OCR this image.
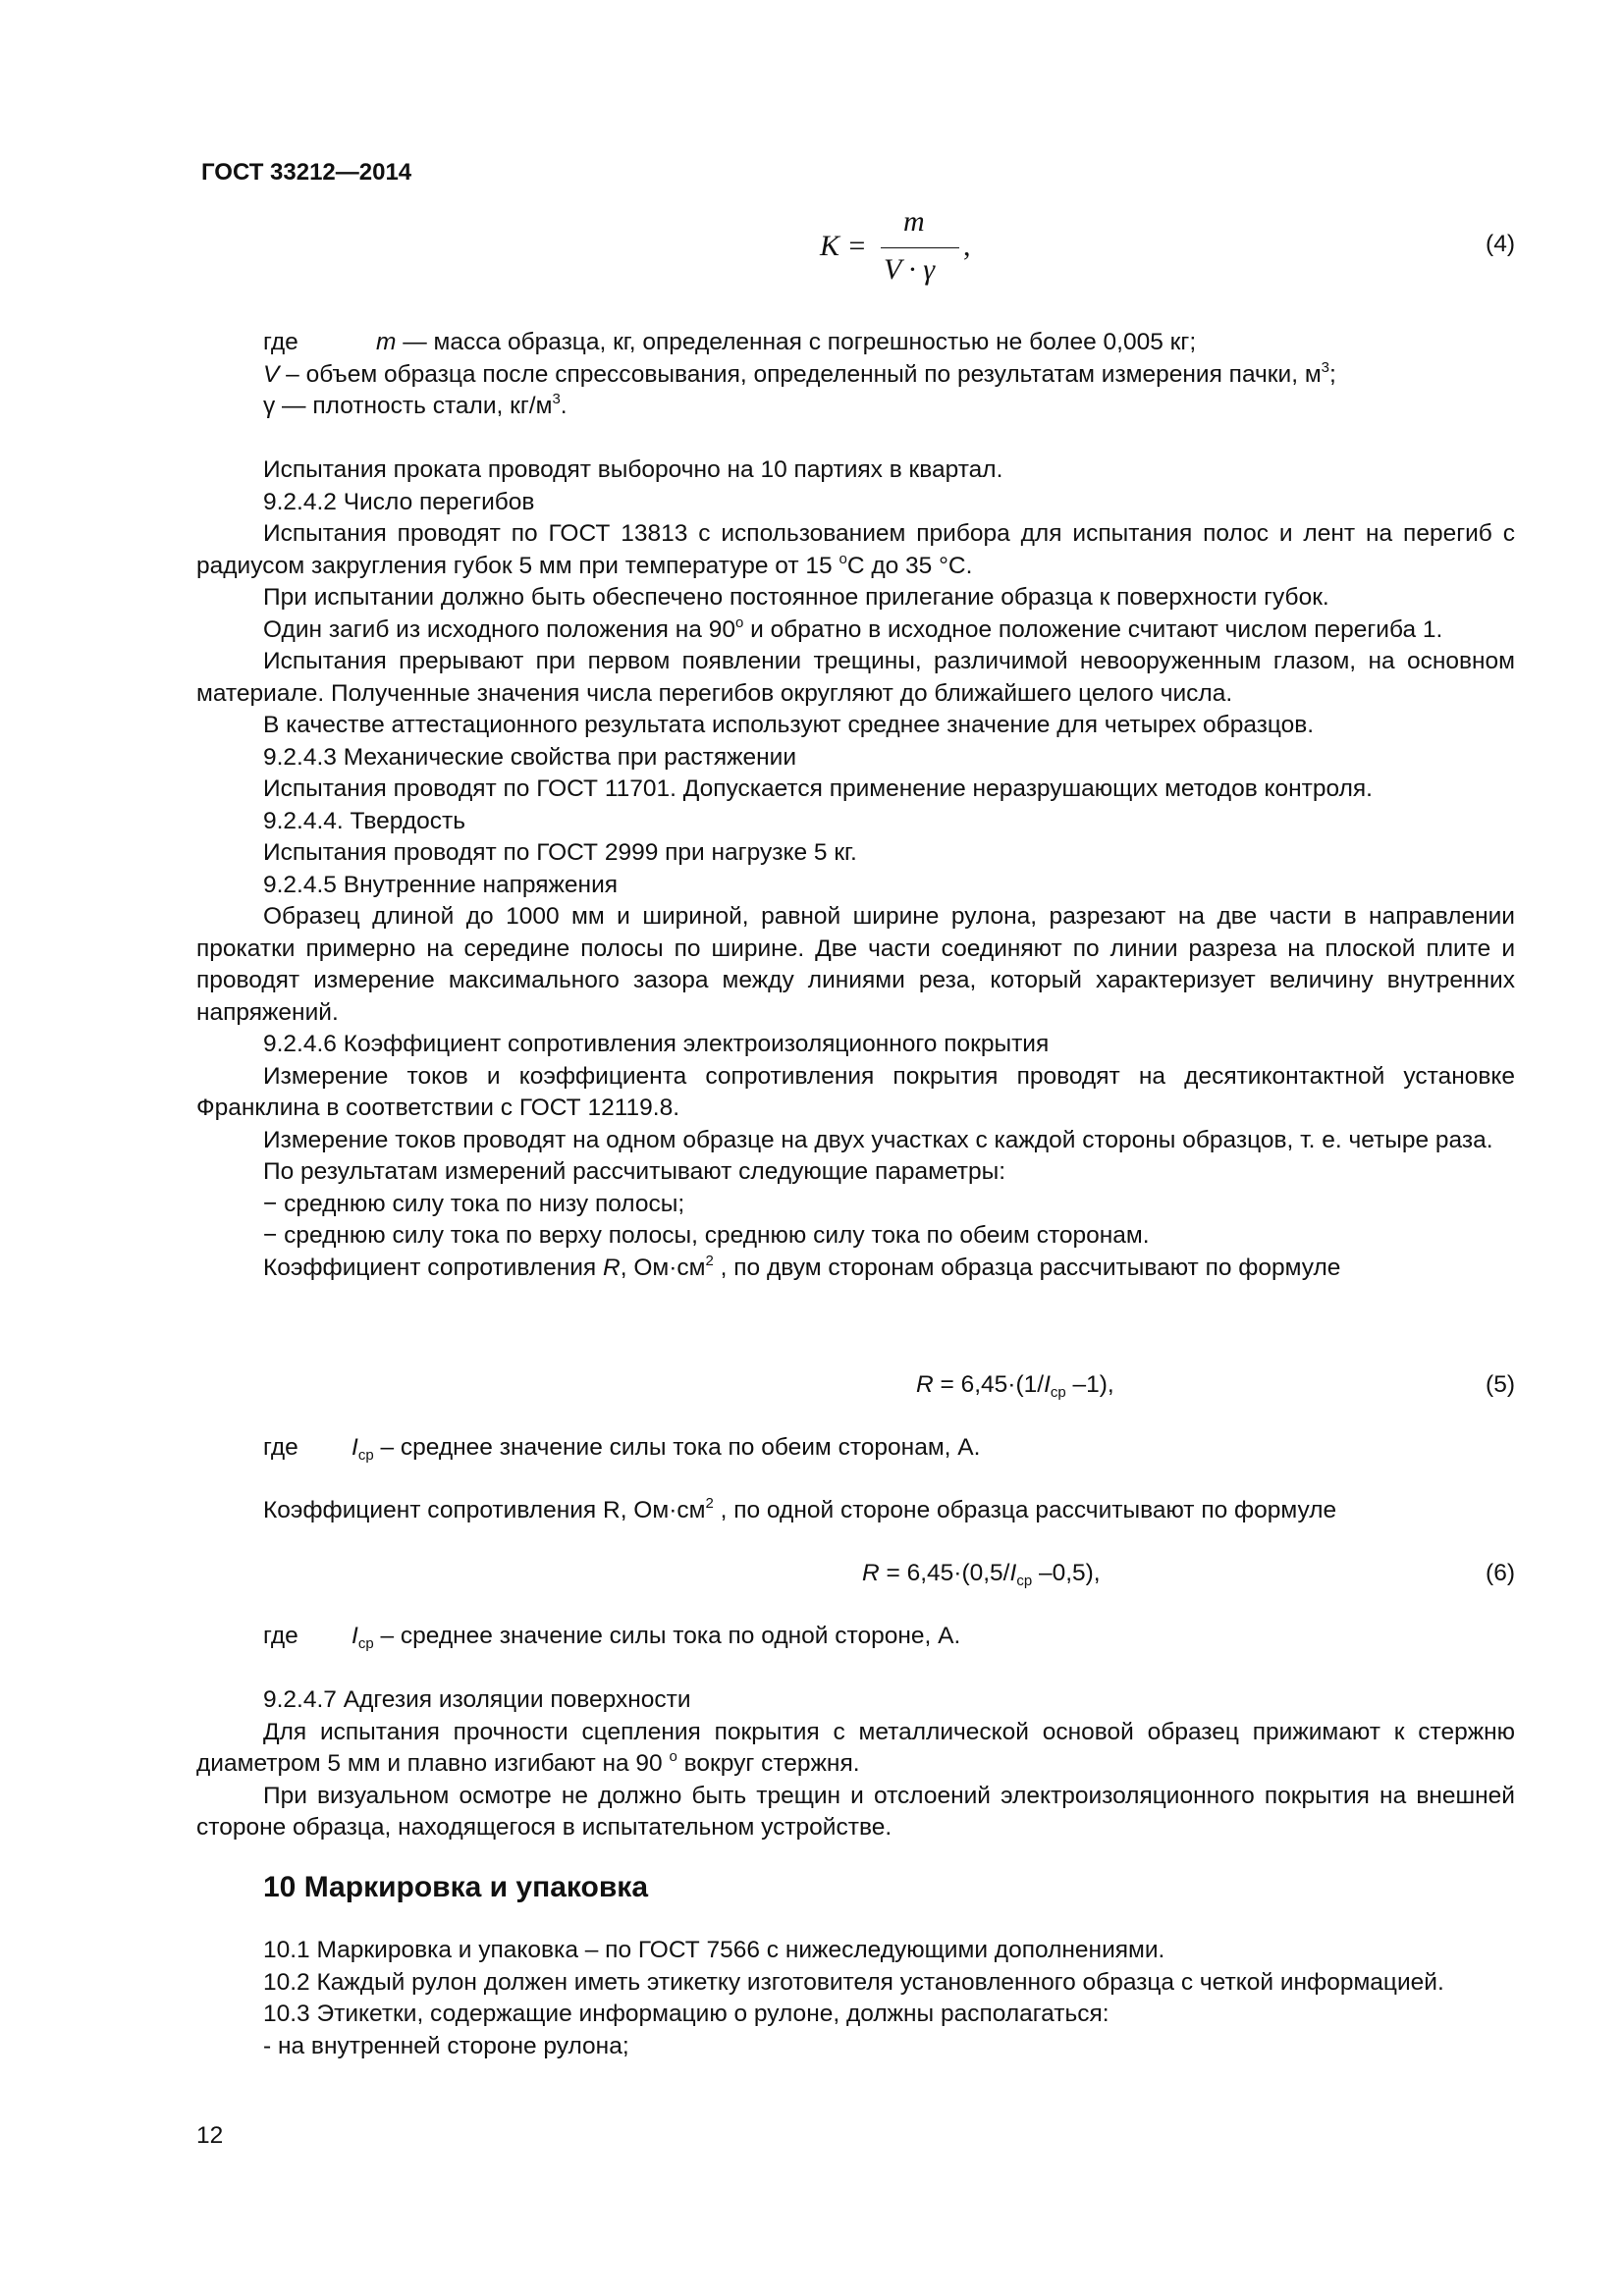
ГОСТ 33212—2014
K =
m
V · γ
,	(4)

где	m — масса образца, кг, определенная с погрешностью не более 0,005 кг;

V – объем образца после спрессовывания, определенный по результатам измерения пачки, $м^3$;

γ — плотность стали, $кг/м^3$.

Испытания проката проводят выборочно на 10 партиях в квартал.

9.2.4.2 Число перегибов

Испытания проводят по ГОСТ 13813 с использованием прибора для испытания полос и лент на перегиб с радиусом закругления губок 5 мм при температуре от 15 $^о$С до 35 °С.

При испытании должно быть обеспечено постоянное прилегание образца к поверхности губок.

Один загиб из исходного положения на $90^о$ и обратно в исходное положение считают числом перегиба 1.

Испытания прерывают при первом появлении трещины, различимой невооруженным глазом, на основном материале. Полученные значения числа перегибов округляют до ближайшего целого числа.

В качестве аттестационного результата используют среднее значение для четырех образцов.

9.2.4.3 Механические свойства при растяжении

Испытания проводят по ГОСТ 11701. Допускается применение неразрушающих методов контроля.

9.2.4.4. Твердость

Испытания проводят по ГОСТ 2999 при нагрузке 5 кг.

9.2.4.5 Внутренние напряжения

Образец длиной до 1000 мм и шириной, равной ширине рулона, разрезают на две части в направлении прокатки примерно на середине полосы по ширине. Две части соединяют по линии разреза на плоской плите и проводят измерение максимального зазора между линиями реза, который характеризует величину внутренних напряжений.

9.2.4.6 Коэффициент сопротивления электроизоляционного покрытия

Измерение токов и коэффициента сопротивления покрытия проводят на десятиконтактной установке Франклина в соответствии с ГОСТ 12119.8.

Измерение токов проводят на одном образце на двух участках с каждой стороны образцов, т. е. четыре раза.

По результатам измерений рассчитывают следующие параметры:

− среднюю силу тока по низу полосы;

− среднюю силу тока по верху полосы, среднюю силу тока по обеим сторонам.

Коэффициент сопротивления R, $Ом\cdot см^2$ , по двум сторонам образца рассчитывают по формуле

$R = 6,45\cdot(1/I_{ср}$ –1),	(5)

где $I_{ср}$ – среднее значение силы тока по обеим сторонам, А.

Коэффициент сопротивления R, $Ом\cdot см^2$ , по одной стороне образца рассчитывают по формуле

$R = 6,45\cdot(0,5/I_{ср}$ –0,5),	(6)

где $I_{ср}$ – среднее значение силы тока по одной стороне, А.

9.2.4.7 Адгезия изоляции поверхности

Для испытания прочности сцепления покрытия с металлической основой образец прижимают к стержню диаметром 5 мм и плавно изгибают на 90 $^о$ вокруг стержня.

При визуальном осмотре не должно быть трещин и отслоений электроизоляционного покрытия на внешней стороне образца, находящегося в испытательном устройстве.

10 Маркировка и упаковка

10.1 Маркировка и упаковка – по ГОСТ 7566 с нижеследующими дополнениями.

10.2 Каждый рулон должен иметь этикетку изготовителя установленного образца с четкой информацией.

10.3 Этикетки, содержащие информацию о рулоне, должны располагаться:

- на внутренней стороне рулона;

12
